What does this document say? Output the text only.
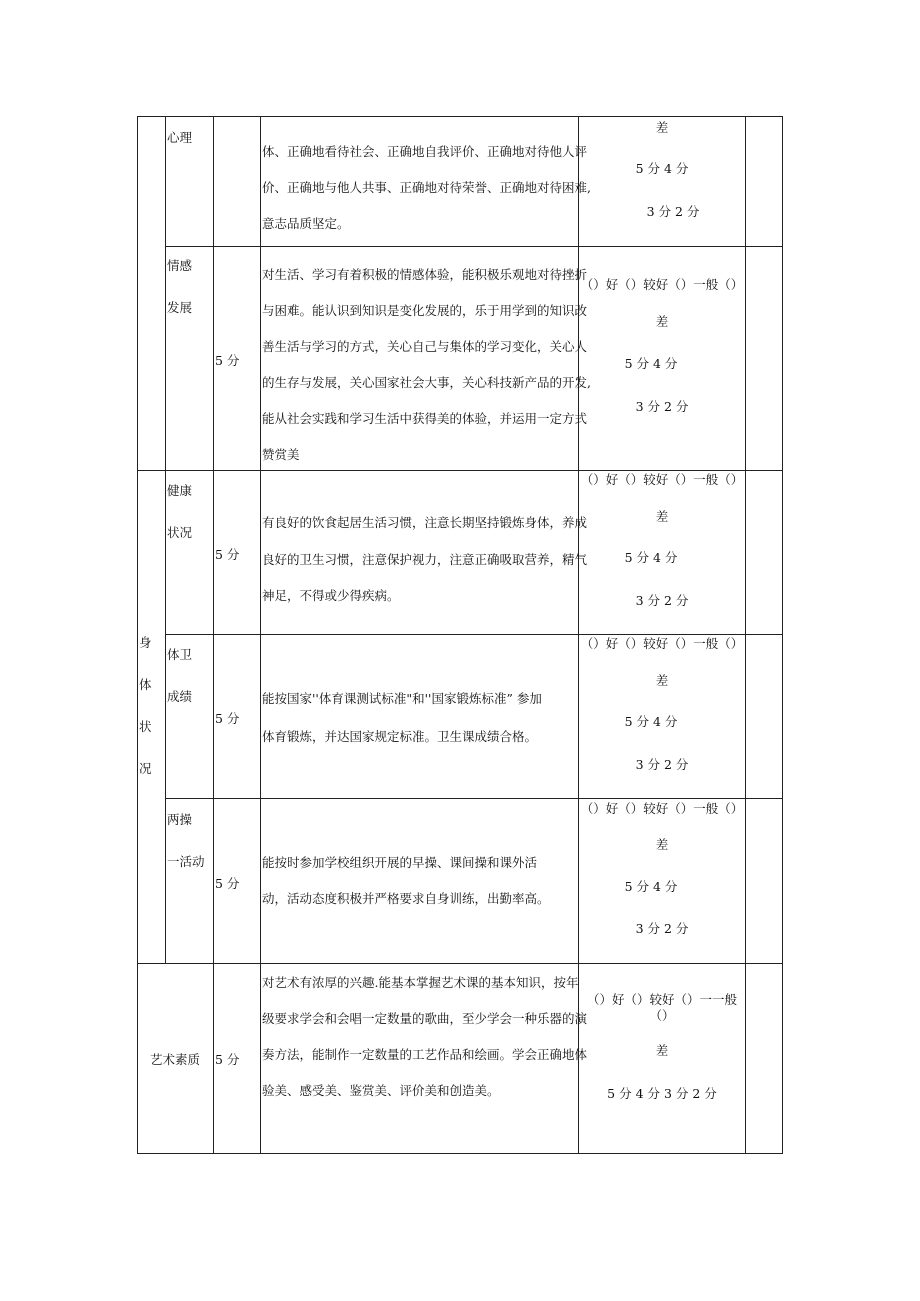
身
体
状
况
心理
体、正确地看待社会、正确地自我评价、正确地对待他人评
价、正确地与他人共事、正确地对待荣誉、正确地对待困难,
意志品质坚定。
差
5 分 4 分
3 分 2 分
情感
发展
5 分
对生活、学习有着积极的情感体验，能积极乐观地对待挫折
与困难。能认识到知识是变化发展的，乐于用学到的知识改
善生活与学习的方式，关心自己与集体的学习变化，关心人
的生存与发展，关心国家社会大事，关心科技新产品的开发,
能从社会实践和学习生活中获得美的体验，并运用一定方式
赞赏美
（）好（）较好（）一般（）
差
5 分 4 分
3 分 2 分
健康
状况
5 分
有良好的饮食起居生活习惯，注意长期坚持锻炼身体，养成
良好的卫生习惯，注意保护视力，注意正确吸取营养，精气
神足，不得或少得疾病。
（）好（）较好（）一般（）
差
5 分 4 分
3 分 2 分
体卫
成绩
5 分
能按国家''体育课测试标准"和''国家锻炼标准” 参加
体育锻炼，并达国家规定标准。卫生课成绩合格。
（）好（）较好（）一般（）
差
5 分 4 分
3 分 2 分
两操
一活动
5 分
能按时参加学校组织开展的早操、课间操和课外活
动，活动态度积极并严格要求自身训练，出勤率高。
（）好（）较好（）一般（）
差
5 分 4 分
3 分 2 分
艺术素质	5 分
对艺术有浓厚的兴趣.能基本掌握艺术课的基本知识，按年
级要求学会和会唱一定数量的歌曲，至少学会一种乐器的演
奏方法，能制作一定数量的工艺作品和绘画。学会正确地体
验美、感受美、鉴赏美、评价美和创造美。
（）好（）较好（）一一般
（）
差
5 分 4 分 3 分 2 分
